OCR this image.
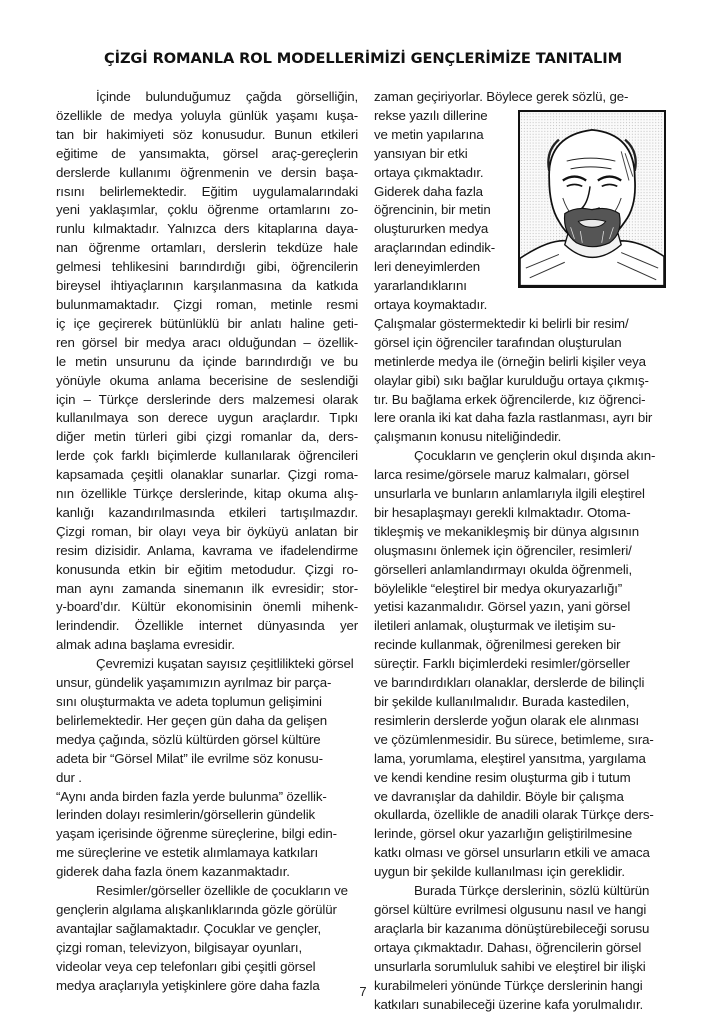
ÇİZGİ ROMANLA ROL MODELLERİMİZİ GENÇLERİMİZE TANITALIM
İçinde bulunduğumuz çağda görselliğin,
özellikle de medya yoluyla günlük yaşamı kuşa-
tan bir hakimiyeti söz konusudur. Bunun etkileri
eğitime de yansımakta, görsel araç-gereçlerin
derslerde kullanımı öğrenmenin ve dersin başa-
rısını belirlemektedir. Eğitim uygulamalarındaki
yeni yaklaşımlar, çoklu öğrenme ortamlarını zo-
runlu kılmaktadır. Yalnızca ders kitaplarına daya-
nan öğrenme ortamları, derslerin tekdüze hale
gelmesi tehlikesini barındırdığı gibi, öğrencilerin
bireysel ihtiyaçlarının karşılanmasına da katkıda
bulunmamaktadır. Çizgi roman, metinle resmi
iç içe geçirerek bütünlüklü bir anlatı haline geti-
ren görsel bir medya aracı olduğundan – özellik-
le metin unsurunu da içinde barındırdığı ve bu
yönüyle okuma anlama becerisine de seslendiği
için – Türkçe derslerinde ders malzemesi olarak
kullanılmaya son derece uygun araçlardır. Tıpkı
diğer metin türleri gibi çizgi romanlar da, ders-
lerde çok farklı biçimlerde kullanılarak öğrencileri
kapsamada çeşitli olanaklar sunarlar. Çizgi roma-
nın özellikle Türkçe derslerinde, kitap okuma alış-
kanlığı kazandırılmasında etkileri tartışılmazdır.
Çizgi roman, bir olayı veya bir öyküyü anlatan bir
resim dizisidir. Anlama, kavrama ve ifadelendirme
konusunda etkin bir eğitim metodudur. Çizgi ro-
man aynı zamanda sinemanın ilk evresidir; stor-
y-board’dır. Kültür ekonomisinin önemli mihenk-
lerindendir. Özellikle internet dünyasında yer
almak adına başlama evresidir.
Çevremizi kuşatan sayısız çeşitlilikteki görsel
unsur, gündelik yaşamımızın ayrılmaz bir parça-
sını oluşturmakta ve adeta toplumun gelişimini
belirlemektedir. Her geçen gün daha da gelişen
medya çağında, sözlü kültürden görsel kültüre
adeta bir “Görsel Milat” ile evrilme söz konusu-
dur .
“Aynı anda birden fazla yerde bulunma” özellik-
lerinden dolayı resimlerin/görsellerin gündelik
yaşam içerisinde öğrenme süreçlerine, bilgi edin-
me süreçlerine ve estetik alımlamaya katkıları
giderek daha fazla önem kazanmaktadır.
Resimler/görseller özellikle de çocukların ve
gençlerin algılama alışkanlıklarında gözle görülür
avantajlar sağlamaktadır. Çocuklar ve gençler,
çizgi roman, televizyon, bilgisayar oyunları,
videolar veya cep telefonları gibi çeşitli görsel
medya araçlarıyla yetişkinlere göre daha fazla
zaman geçiriyorlar. Böylece gerek sözlü, ge-
rekse yazılı dillerine
ve metin yapılarına
yansıyan bir etki
ortaya çıkmaktadır.
Giderek daha fazla
öğrencinin, bir metin
oluştururken medya
araçlarından edindik-
leri deneyimlerden
yararlandıklarını
ortaya koymaktadır.
Çalışmalar göstermektedir ki belirli bir resim/
görsel için öğrenciler tarafından oluşturulan
metinlerde medya ile (örneğin belirli kişiler veya
olaylar gibi) sıkı bağlar kurulduğu ortaya çıkmış-
tır. Bu bağlama erkek öğrencilerde, kız öğrenci-
lere oranla iki kat daha fazla rastlanması, ayrı bir
çalışmanın konusu niteliğindedir.
Çocukların ve gençlerin okul dışında akın-
larca resime/görsele maruz kalmaları, görsel
unsurlarla ve bunların anlamlarıyla ilgili eleştirel
bir hesaplaşmayı gerekli kılmaktadır. Otoma-
tikleşmiş ve mekanikleşmiş bir dünya algısının
oluşmasını önlemek için öğrenciler, resimleri/
görselleri anlamlandırmayı okulda öğrenmeli,
böylelikle “eleştirel bir medya okuryazarlığı”
yetisi kazanmalıdır. Görsel yazın, yani görsel
iletileri anlamak, oluşturmak ve iletişim su-
recinde kullanmak, öğrenilmesi gereken bir
süreçtir. Farklı biçimlerdeki resimler/görseller
ve barındırdıkları olanaklar, derslerde de bilinçli
bir şekilde kullanılmalıdır. Burada kastedilen,
resimlerin derslerde yoğun olarak ele alınması
ve çözümlenmesidir. Bu sürece, betimleme, sıra-
lama, yorumlama, eleştirel yansıtma, yargılama
ve kendi kendine resim oluşturma gib i tutum
ve davranışlar da dahildir. Böyle bir çalışma
okullarda, özellikle de anadili olarak Türkçe ders-
lerinde, görsel okur yazarlığın geliştirilmesine
katkı olması ve görsel unsurların etkili ve amaca
uygun bir şekilde kullanılması için gereklidir.
Burada Türkçe derslerinin, sözlü kültürün
görsel kültüre evrilmesi olgusunu nasıl ve hangi
araçlarla bir kazanıma dönüştürebileceği sorusu
ortaya çıkmaktadır. Dahası, öğrencilerin görsel
unsurlarla sorumluluk sahibi ve eleştirel bir ilişki
kurabilmeleri yönünde Türkçe derslerinin hangi
katkıları sunabileceği üzerine kafa yorulmalıdır.
7
